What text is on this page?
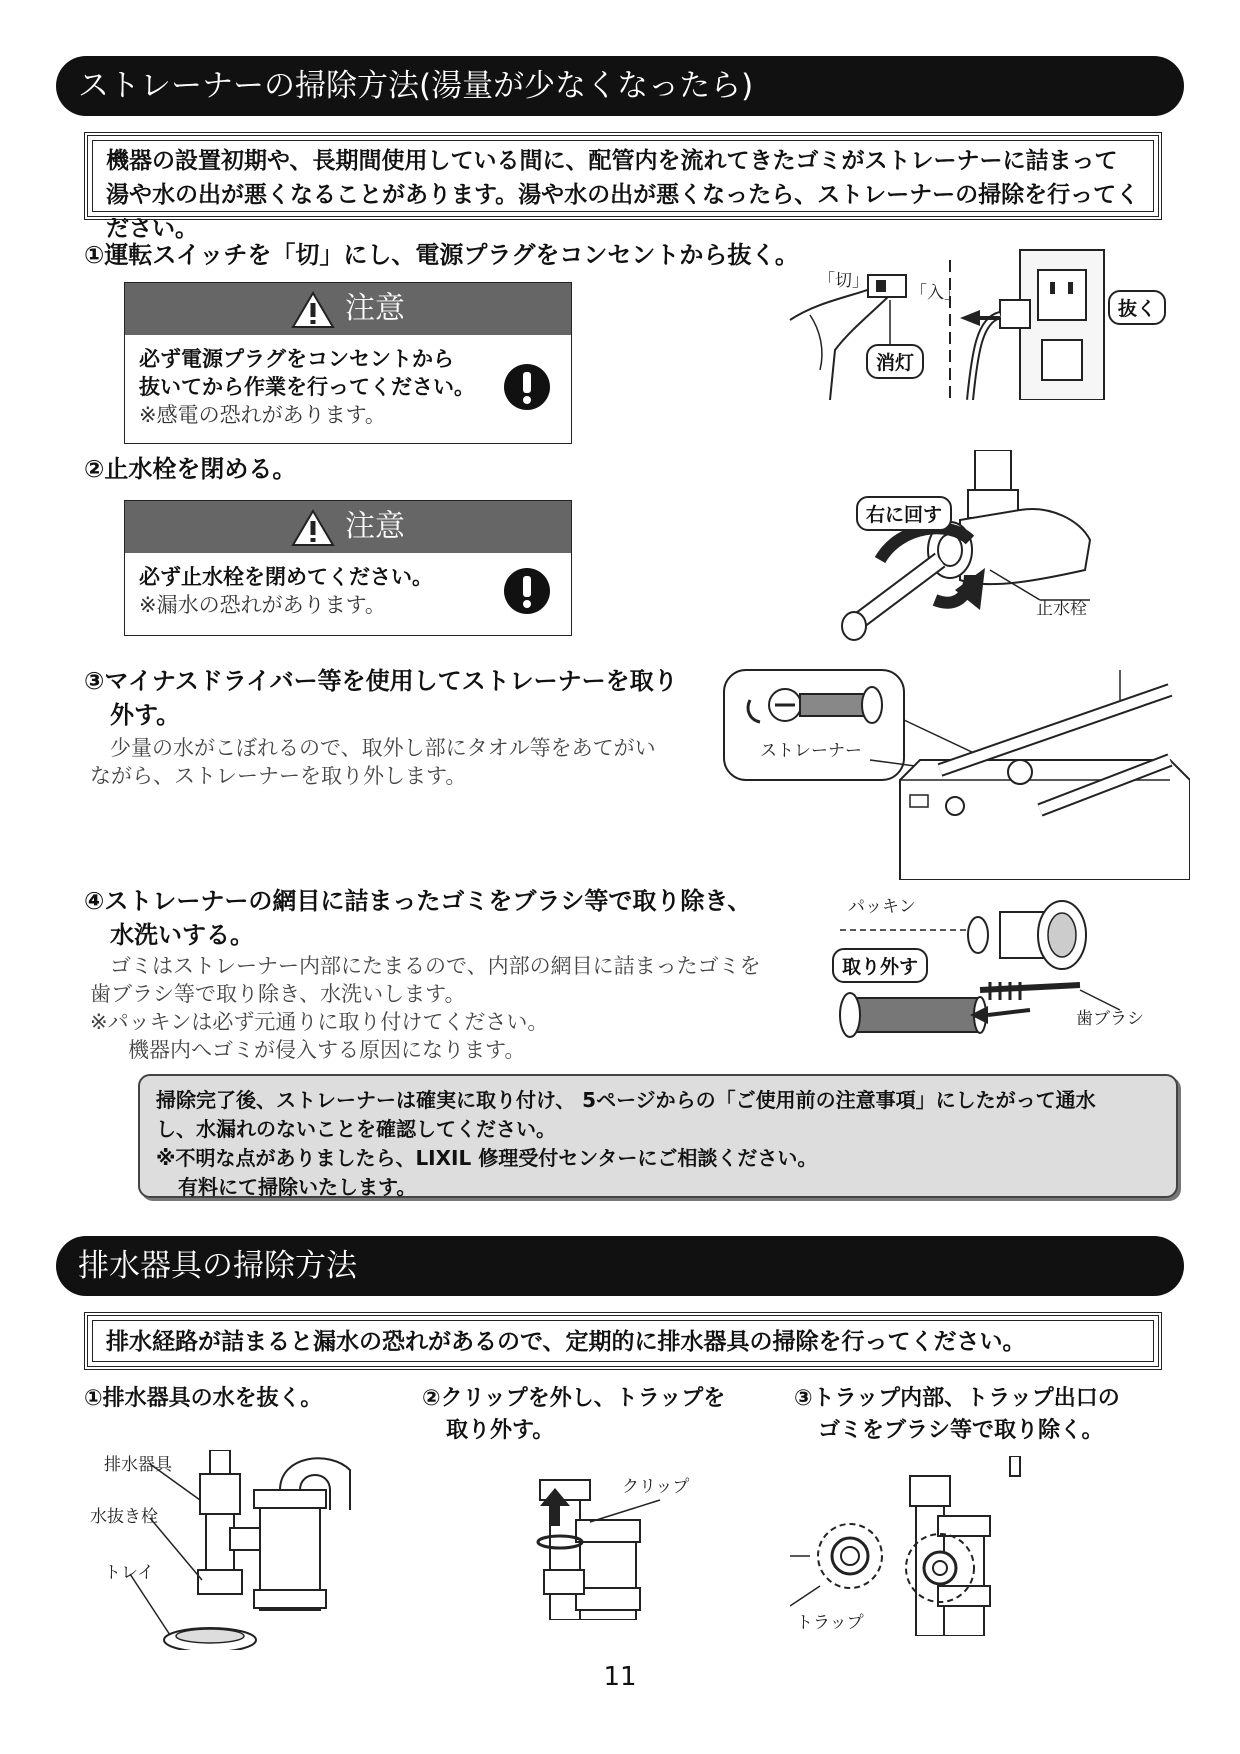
ストレーナーの掃除方法(湯量が少なくなったら)
機器の設置初期や、長期間使用している間に、配管内を流れてきたゴミがストレーナーに詰まって湯や水の出が悪くなることがあります。湯や水の出が悪くなったら、ストレーナーの掃除を行ってください。
①運転スイッチを「切」にし、電源プラグをコンセントから抜く。
注意
必ず電源プラグをコンセントから
抜いてから作業を行ってください。
※感電の恐れがあります。
「切」
「入」
消灯
抜く
②止水栓を閉める。
注意
必ず止水栓を閉めてください。
※漏水の恐れがあります。
右に回す
止水栓
③マイナスドライバー等を使用してストレーナーを取り
外す。
少量の水がこぼれるので、取外し部にタオル等をあてがい
ながら、ストレーナーを取り外します。
ストレーナー
④ストレーナーの網目に詰まったゴミをブラシ等で取り除き、
水洗いする。
ゴミはストレーナー内部にたまるので、内部の網目に詰まったゴミを
歯ブラシ等で取り除き、水洗いします。
※パッキンは必ず元通りに取り付けてください。
機器内へゴミが侵入する原因になります。
パッキン
取り外す
歯ブラシ
掃除完了後、ストレーナーは確実に取り付け、 5ページからの「ご使用前の注意事項」にしたがって通水
し、水漏れのないことを確認してください。
※不明な点がありましたら、LIXIL 修理受付センターにご相談ください。
有料にて掃除いたします。
排水器具の掃除方法
排水経路が詰まると漏水の恐れがあるので、定期的に排水器具の掃除を行ってください。
①排水器具の水を抜く。	②クリップを外し、トラップを
取り外す。
③トラップ内部、トラップ出口の
ゴミをブラシ等で取り除く。
排水器具
水抜き栓
トレイ
クリップ
トラップ
11
